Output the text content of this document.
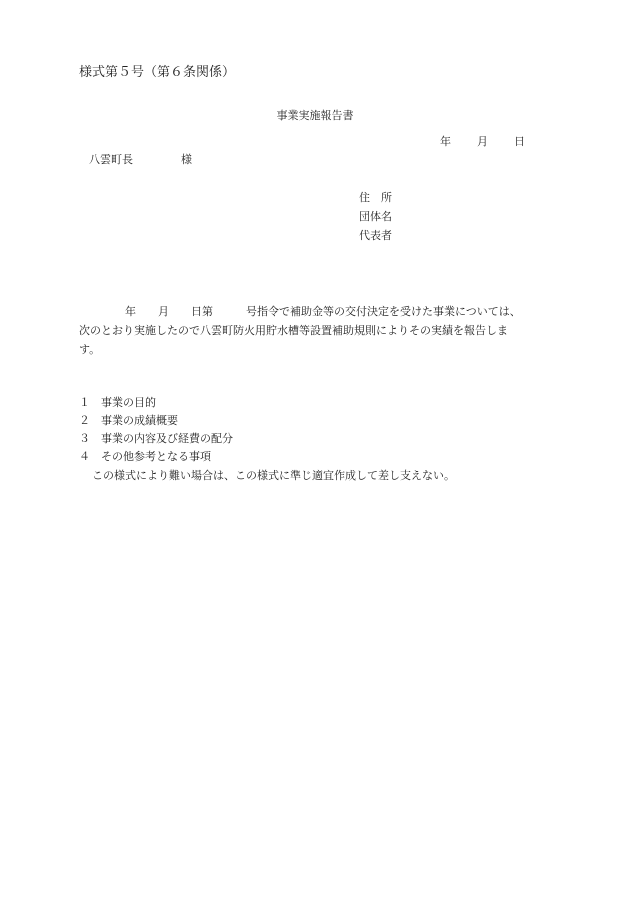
様式第５号（第６条関係）
事業実施報告書
年 月 日
八雲町長	様
住　所
団体名
代表者
年　　月　　日第　　　号指令で補助金等の交付決定を受けた事業については、
次のとおり実施したので八雲町防火用貯水槽等設置補助規則によりその実績を報告しま
す。
１ 事業の目的
２ 事業の成績概要
３ 事業の内容及び経費の配分
４ その他参考となる事項
この様式により難い場合は、この様式に準じ適宜作成して差し支えない。
